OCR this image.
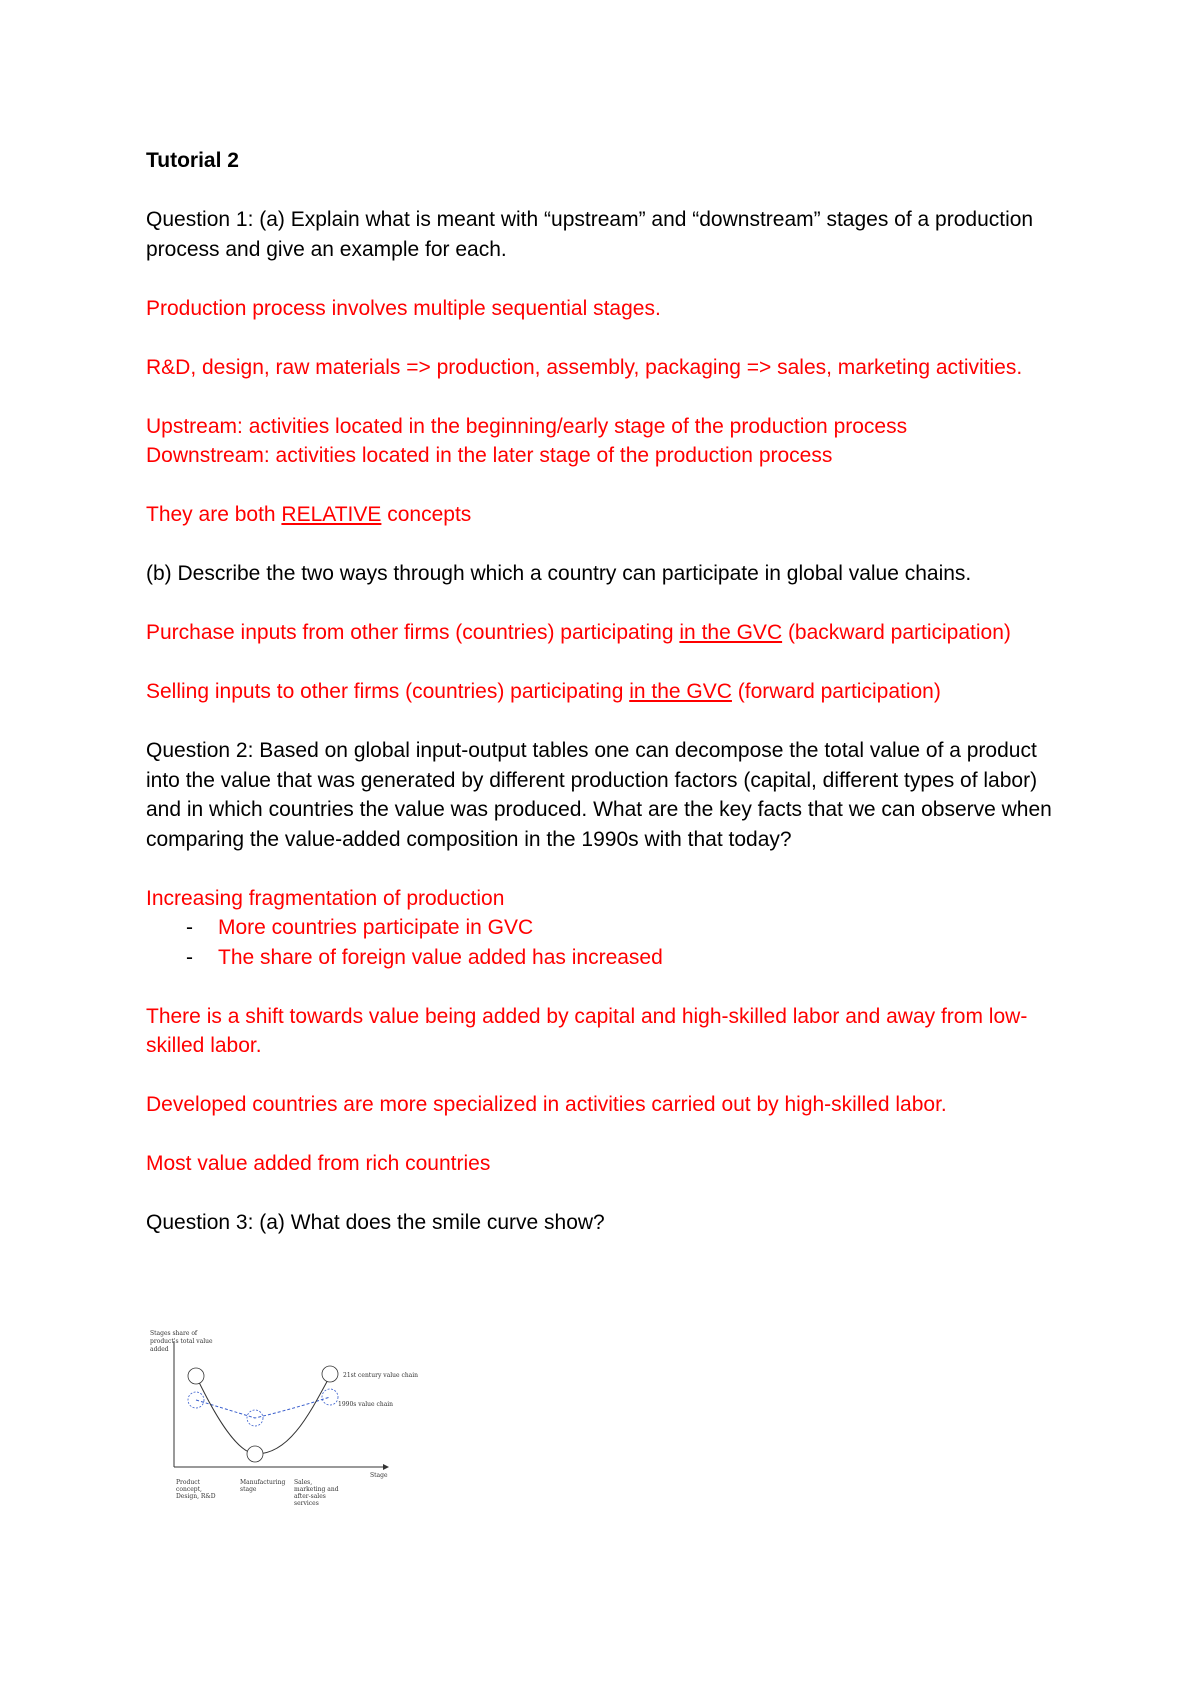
Tutorial 2

Question 1: (a) Explain what is meant with “upstream” and “downstream” stages of a production process and give an example for each.

Production process involves multiple sequential stages.

R&D, design, raw materials => production, assembly, packaging => sales, marketing activities.

Upstream: activities located in the beginning/early stage of the production process
Downstream: activities located in the later stage of the production process

They are both RELATIVE concepts

(b) Describe the two ways through which a country can participate in global value chains.

Purchase inputs from other firms (countries) participating in the GVC (backward participation)

Selling inputs to other firms (countries) participating in the GVC (forward participation)

Question 2: Based on global input-output tables one can decompose the total value of a product into the value that was generated by different production factors (capital, different types of labor) and in which countries the value was produced. What are the key facts that we can observe when comparing the value-added composition in the 1990s with that today?

Increasing fragmentation of production
- More countries participate in GVC
- The share of foreign value added has increased

There is a shift towards value being added by capital and high-skilled labor and away from low-skilled labor.

Developed countries are more specialized in activities carried out by high-skilled labor.

Most value added from rich countries

Question 3: (a) What does the smile curve show?

Stages share of
product's total value
added
Stage
21st century value chain
1990s value chain
Product
concept,
Design, R&D
Manufacturing
stage
Sales,
marketing and
after-sales
services
